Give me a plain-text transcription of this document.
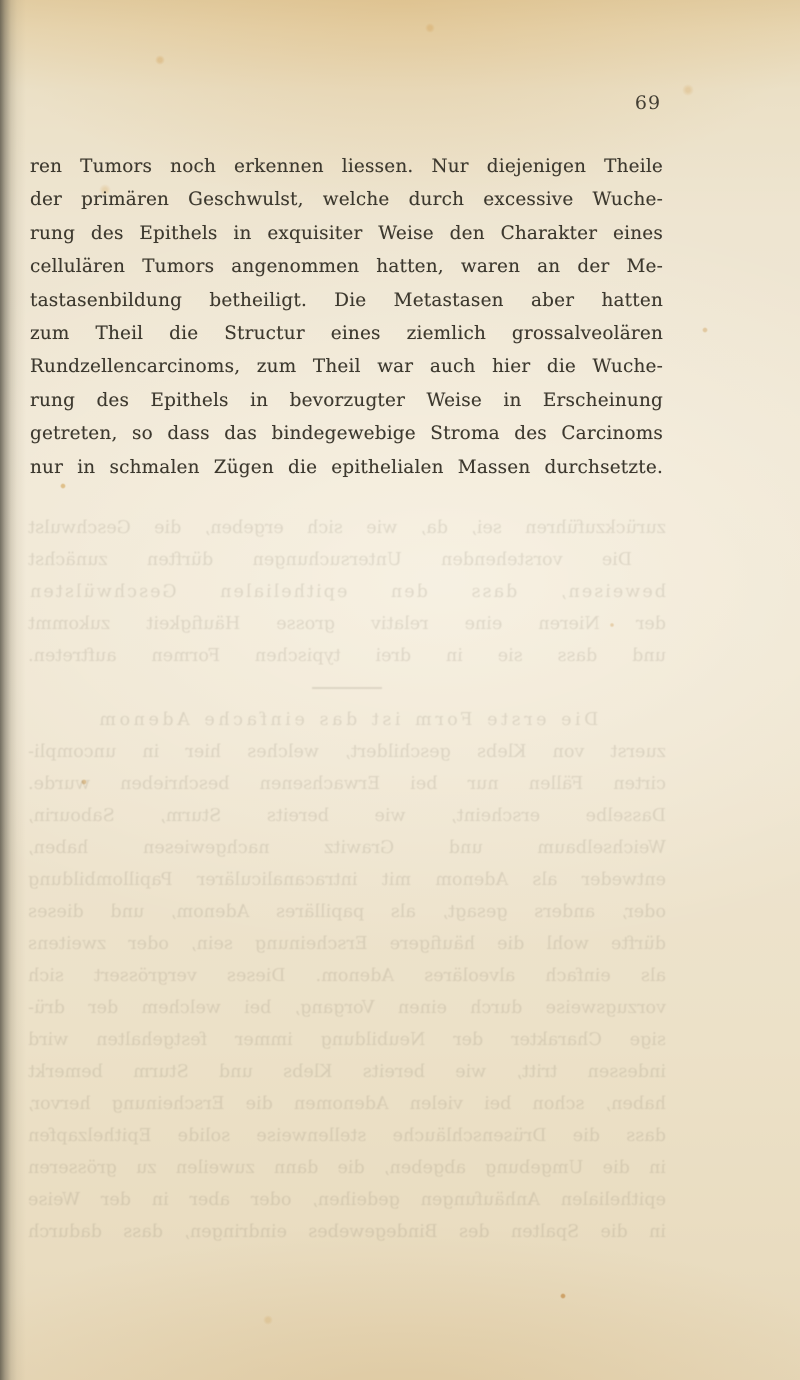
69
ren Tumors noch erkennen liessen. Nur diejenigen Theile
der primären Geschwulst, welche durch excessive Wuche-
rung des Epithels in exquisiter Weise den Charakter eines
cellulären Tumors angenommen hatten, waren an der Me-
tastasenbildung betheiligt. Die Metastasen aber hatten
zum Theil die Structur eines ziemlich grossalveolären
Rundzellencarcinoms, zum Theil war auch hier die Wuche-
rung des Epithels in bevorzugter Weise in Erscheinung
getreten, so dass das bindegewebige Stroma des Carcinoms
nur in schmalen Zügen die epithelialen Massen durchsetzte.
zurückzuführen sei, da, wie sich ergeben, die Geschwulst
Die vorstehenden Untersuchungen dürften zunächst
beweisen, dass den epithelialen Geschwülsten
der Nieren eine relativ grosse Häufigkeit zukommt
und dass sie in drei typischen Formen auftreten.
Die erste Form ist das einfache Adenom
zuerst von Klebs geschildert, welches hier in uncompli-
cirten Fällen nur bei Erwachsenen beschrieben wurde.
Dasselbe erscheint, wie bereits Sturm, Sabourin,
Weichselbaum und Grawitz nachgewiesen haben,
entweder als Adenom mit intracanaliculärer Papillombildung
oder, anders gesagt, als papilläres Adenom, und dieses
dürfte wohl die häufigere Erscheinung sein, oder zweitens
als einfach alveoläres Adenom. Dieses vergrössert sich
vorzugsweise durch einen Vorgang, bei welchem der drü-
sige Charakter der Neubildung immer festgehalten wird
indessen tritt, wie bereits Klebs und Sturm bemerkt
haben, schon bei vielen Adenomen die Erscheinung hervor,
dass die Drüsenschläuche stellenweise solide Epithelzapfen
in die Umgebung abgeben, die dann zuweilen zu grösseren
epithelialen Anhäufungen gedeihen, oder aber in der Weise
in die Spalten des Bindegewebes eindringen, dass dadurch
